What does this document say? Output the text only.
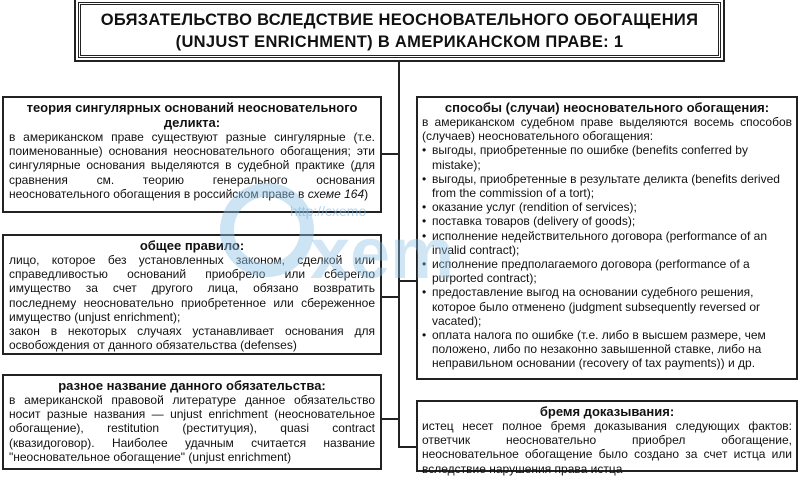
ОБЯЗАТЕЛЬСТВО ВСЛЕДСТВИЕ НЕОСНОВАТЕЛЬНОГО ОБОГАЩЕНИЯ
(UNJUST ENRICHMENT) В АМЕРИКАНСКОМ ПРАВЕ: 1
теория сингулярных оснований неосновательного
деликта:
в американском праве существуют разные сингулярные (т.е. поименованные) основания неосновательного обогащения; эти сингулярные основания выделяются в судебной практике (для сравнения см. теорию генерального основания неосновательного обогащения в российском праве в схеме 164)
общее правило:
лицо, которое без установленных законом, сделкой или справедливостью оснований приобрело или сберегло имущество за счет другого лица, обязано возвратить последнему неосновательно приобретенное или сбереженное имущество (unjust enrichment);
закон в некоторых случаях устанавливает основания для освобождения от данного обязательства (defenses)
разное название данного обязательства:
в американской правовой литературе данное обязательство носит разные названия — unjust enrichment (неосновательное обогащение), restitution (реституция), quasi contract (квазидоговор). Наиболее удачным считается название "неосновательное обогащение" (unjust enrichment)
способы (случаи) неосновательного обогащения:
в американском судебном праве выделяются восемь способов (случаев) неосновательного обогащения:
• выгоды, приобретенные по ошибке (benefits conferred by mistake);
• выгоды, приобретенные в результате деликта (benefits derived from the commission of a tort);
• оказание услуг (rendition of services);
• поставка товаров (delivery of goods);
• исполнение недействительного договора (performance of an invalid contract);
• исполнение предполагаемого договора (performance of a purported contract);
• предоставление выгод на основании судебного решения, которое было отменено (judgment subsequently reversed or vacated);
• оплата налога по ошибке (т.е. либо в высшем размере, чем положено, либо по незаконно завышенной ставке, либо на неправильном основании (recovery of tax payments)) и др.
бремя доказывания:
истец несет полное бремя доказывания следующих фактов: ответчик неосновательно приобрел обогащение, неосновательное обогащение было создано за счет истца или вследствие нарушения права истца
http://cxemo
xem
